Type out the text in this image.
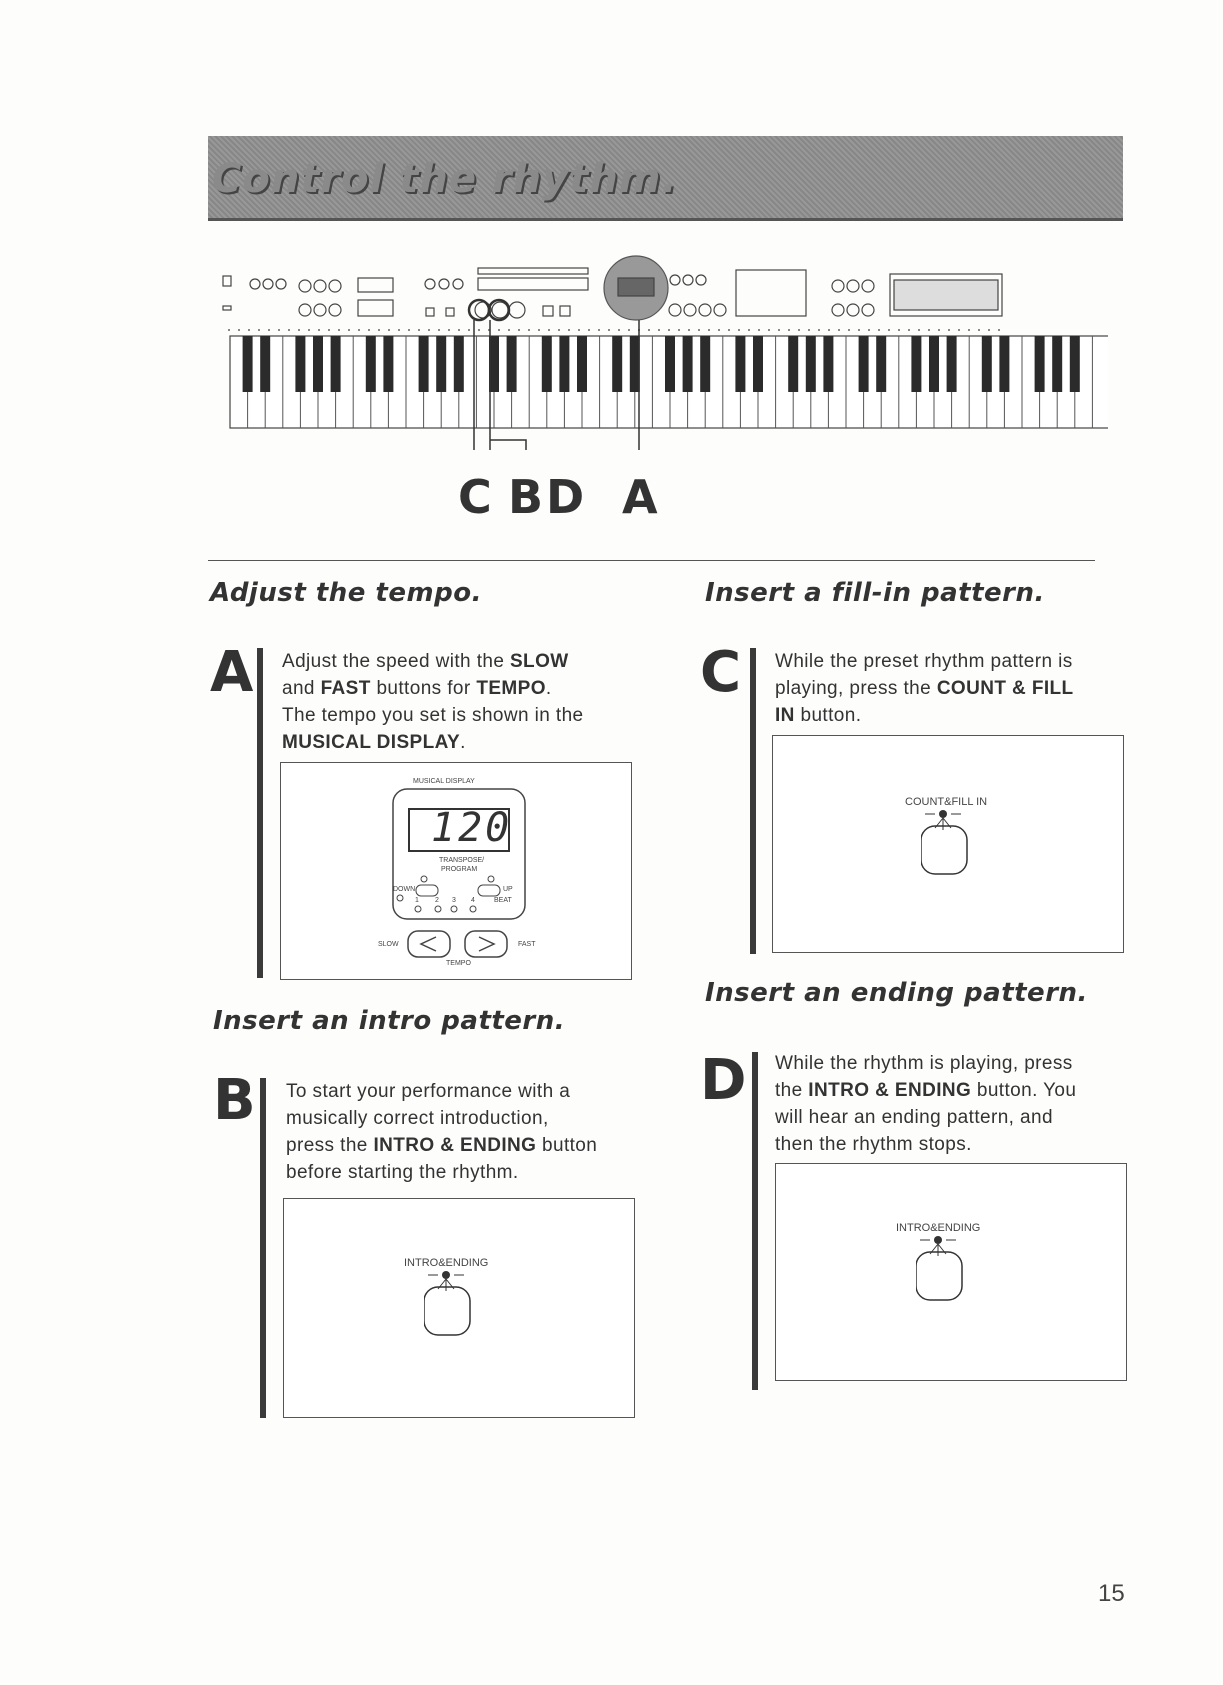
Control the rhythm.
C B D A
Adjust the tempo.
A Adjust the speed with the SLOW
and FAST buttons for TEMPO.
The tempo you set is shown in the
MUSICAL DISPLAY.
MUSICAL DISPLAY
120
TRANSPOSE/
PROGRAM
DOWN	UP
1 2 3 4	BEAT
SLOW	FAST
TEMPO
Insert an intro pattern.
B To start your performance with a
musically correct introduction,
press the INTRO & ENDING button
before starting the rhythm.
INTRO&ENDING
Insert a fill-in pattern.
C While the preset rhythm pattern is
playing, press the COUNT & FILL
IN button.
COUNT&FILL IN
Insert an ending pattern.
D While the rhythm is playing, press
the INTRO & ENDING button. You
will hear an ending pattern, and
then the rhythm stops.
INTRO&ENDING
15
